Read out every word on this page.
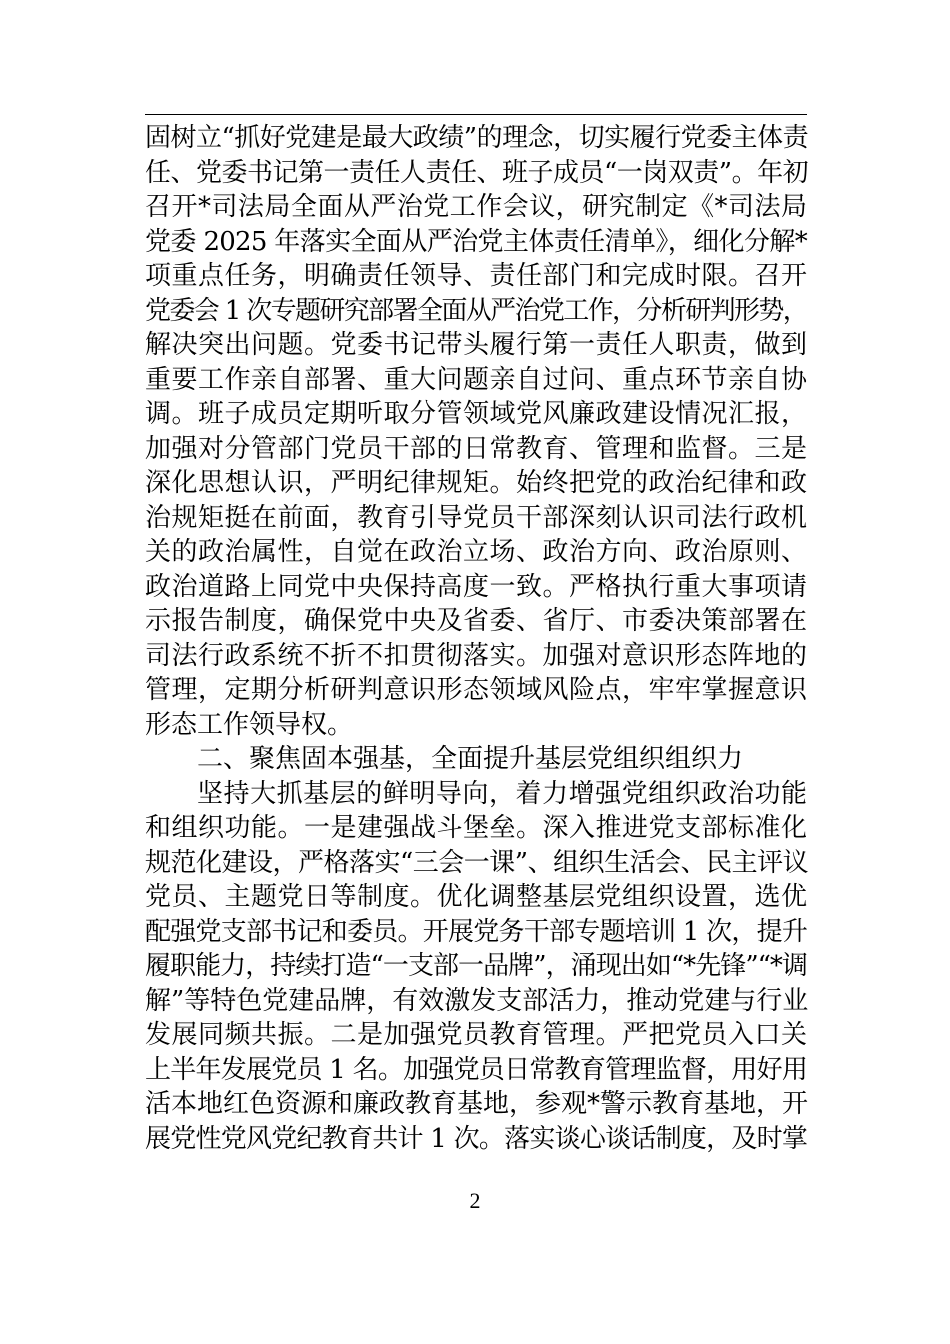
固树立“抓好党建是最大政绩”的理念，切实履行党委主体责
任、党委书记第一责任人责任、班子成员“一岗双责”。年初
召开*司法局全面从严治党工作会议，研究制定《*司法局
党委 2025 年落实全面从严治党主体责任清单》，细化分解*
项重点任务，明确责任领导、责任部门和完成时限。召开
党委会 1 次专题研究部署全面从严治党工作，分析研判形势，
解决突出问题。党委书记带头履行第一责任人职责，做到
重要工作亲自部署、重大问题亲自过问、重点环节亲自协
调。班子成员定期听取分管领域党风廉政建设情况汇报，
加强对分管部门党员干部的日常教育、管理和监督。三是
深化思想认识，严明纪律规矩。始终把党的政治纪律和政
治规矩挺在前面，教育引导党员干部深刻认识司法行政机
关的政治属性，自觉在政治立场、政治方向、政治原则、
政治道路上同党中央保持高度一致。严格执行重大事项请
示报告制度，确保党中央及省委、省厅、市委决策部署在
司法行政系统不折不扣贯彻落实。加强对意识形态阵地的
管理，定期分析研判意识形态领域风险点，牢牢掌握意识
形态工作领导权。
二、聚焦固本强基，全面提升基层党组织组织力
坚持大抓基层的鲜明导向，着力增强党组织政治功能
和组织功能。一是建强战斗堡垒。深入推进党支部标准化
规范化建设，严格落实“三会一课”、组织生活会、民主评议
党员、主题党日等制度。优化调整基层党组织设置，选优
配强党支部书记和委员。开展党务干部专题培训 1 次，提升
履职能力，持续打造“一支部一品牌”，涌现出如“*先锋”“*调
解”等特色党建品牌，有效激发支部活力，推动党建与行业
发展同频共振。二是加强党员教育管理。严把党员入口关
上半年发展党员 1 名。加强党员日常教育管理监督，用好用
活本地红色资源和廉政教育基地，参观*警示教育基地，开
展党性党风党纪教育共计 1 次。落实谈心谈话制度，及时掌
2
